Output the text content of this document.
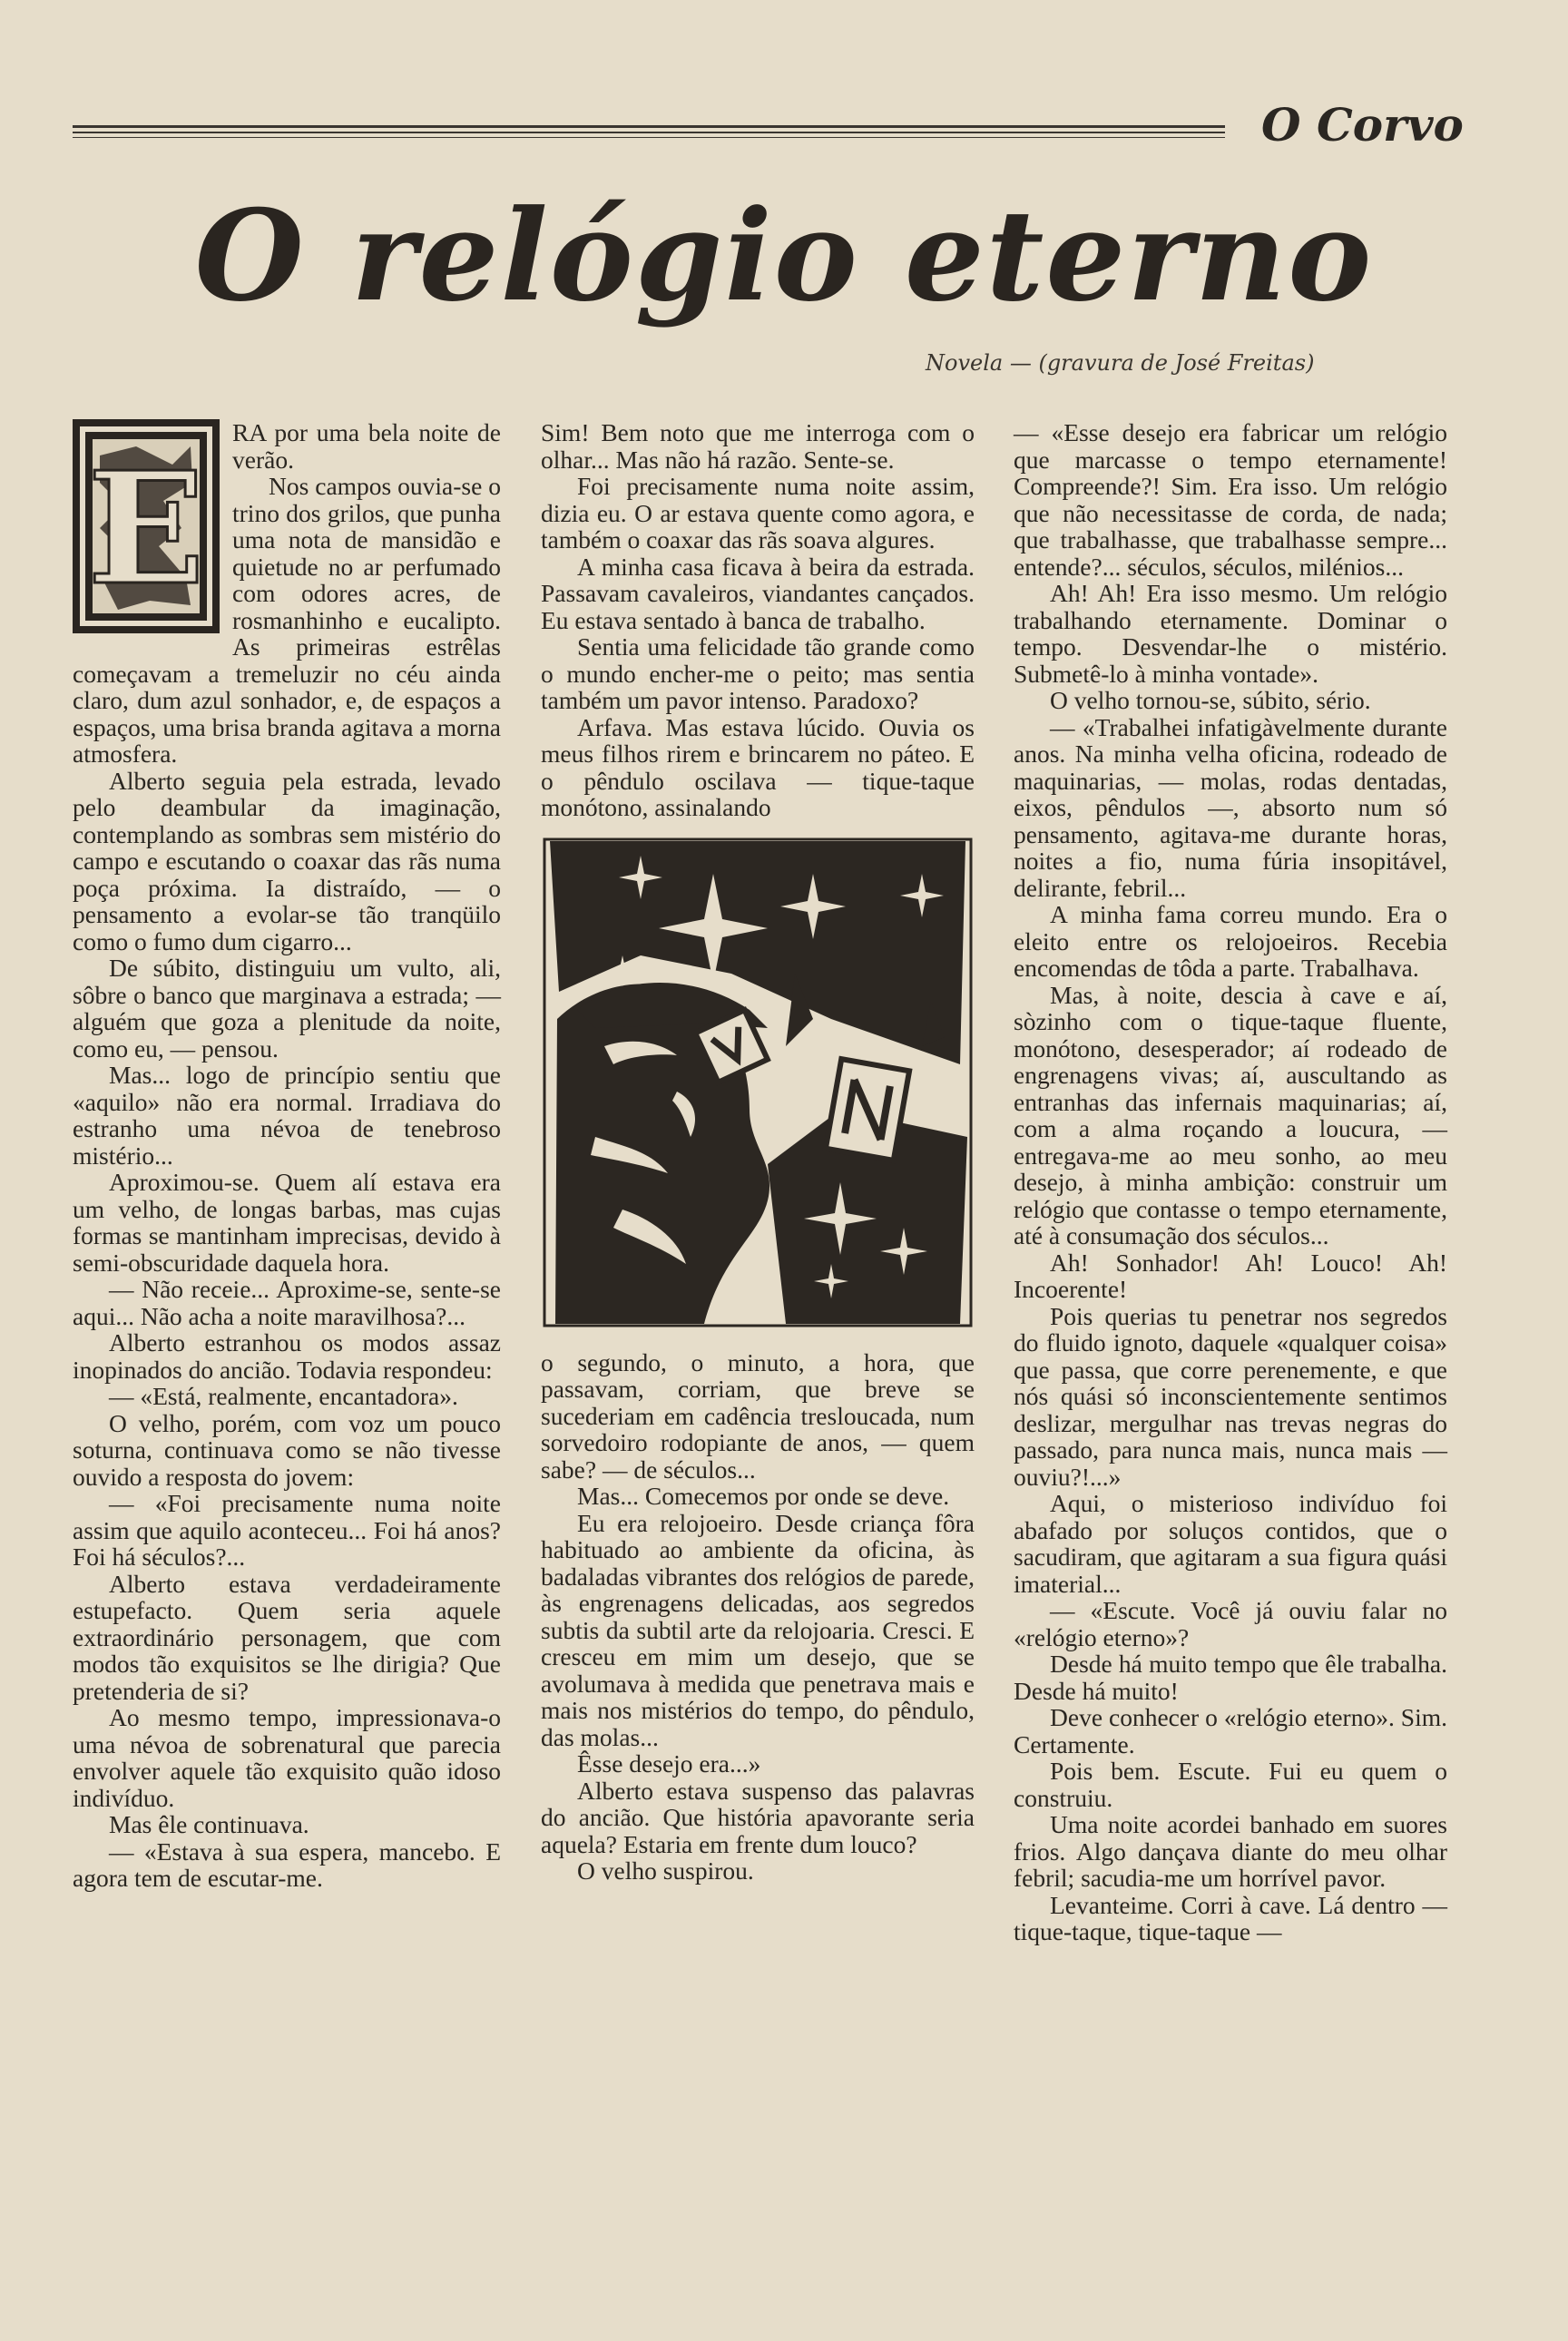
O Corvo
O relógio eterno
Novela — (gravura de José Freitas)
E

RA por uma bela noite de verão.

Nos campos ouvia-se o trino dos grilos, que punha uma nota de mansidão e quietude no ar perfumado com odores acres, de rosmanhinho e eucalipto. As primeiras estrêlas começavam a tremeluzir no céu ainda claro, dum azul sonhador, e, de espaços a espaços, uma brisa branda agitava a morna atmosfera.

Alberto seguia pela estrada, levado pelo deambular da imaginação, contemplando as sombras sem mistério do campo e escutando o coaxar das rãs numa poça próxima. Ia distraído, — o pensamento a evolar-se tão tranqüilo como o fumo dum cigarro...

De súbito, distinguiu um vulto, ali, sôbre o banco que marginava a estrada; — alguém que goza a plenitude da noite, como eu, — pensou.

Mas... logo de princípio sentiu que «aquilo» não era normal. Irradiava do estranho uma névoa de tenebroso mistério...

Aproximou-se. Quem alí estava era um velho, de longas barbas, mas cujas formas se mantinham imprecisas, devido à semi-obscuridade daquela hora.

— Não receie... Aproxime-se, sente-se aqui... Não acha a noite maravilhosa?...

Alberto estranhou os modos assaz inopinados do ancião. Todavia respondeu:

— «Está, realmente, encantadora».

O velho, porém, com voz um pouco soturna, continuava como se não tivesse ouvido a resposta do jovem:

— «Foi precisamente numa noite assim que aquilo aconteceu... Foi há anos? Foi há séculos?...

Alberto estava verdadeiramente estupefacto. Quem seria aquele extraordinário personagem, que com modos tão exquisitos se lhe dirigia? Que pretenderia de si?

Ao mesmo tempo, impressionava-o uma névoa de sobrenatural que parecia envolver aquele tão exquisito quão idoso indivíduo.

Mas êle continuava.

— «Estava à sua espera, mancebo. E agora tem de escutar-me.

Sim! Bem noto que me interroga com o olhar... Mas não há razão. Sente-se.

Foi precisamente numa noite assim, dizia eu. O ar estava quente como agora, e também o coaxar das rãs soava algures.

A minha casa ficava à beira da estrada. Passavam cavaleiros, viandantes cançados. Eu estava sentado à banca de trabalho.

Sentia uma felicidade tão grande como o mundo encher-me o peito; mas sentia também um pavor intenso. Paradoxo?

Arfava. Mas estava lúcido. Ouvia os meus filhos rirem e brincarem no páteo. E o pêndulo oscilava — tique-taque monótono, assinalando

o segundo, o minuto, a hora, que passavam, corriam, que breve se sucederiam em cadência tresloucada, num sorvedoiro rodopiante de anos, — quem sabe? — de séculos...

Mas... Comecemos por onde se deve.

Eu era relojoeiro. Desde criança fôra habituado ao ambiente da oficina, às badaladas vibrantes dos relógios de parede, às engrenagens delicadas, aos segredos subtis da subtil arte da relojoaria. Cresci. E cresceu em mim um desejo, que se avolumava à medida que penetrava mais e mais nos mistérios do tempo, do pêndulo, das molas...

Êsse desejo era...»

Alberto estava suspenso das palavras do ancião. Que história apavorante seria aquela? Estaria em frente dum louco?

O velho suspirou.

— «Esse desejo era fabricar um relógio que marcasse o tempo eternamente! Compreende?! Sim. Era isso. Um relógio que não necessitasse de corda, de nada; que trabalhasse, que trabalhasse sempre... entende?... séculos, séculos, milénios...

Ah! Ah! Era isso mesmo. Um relógio trabalhando eternamente. Dominar o tempo. Desvendar-lhe o mistério. Submetê-lo à minha vontade».

O velho tornou-se, súbito, sério.

— «Trabalhei infatigàvelmente durante anos. Na minha velha oficina, rodeado de maquinarias, — molas, rodas dentadas, eixos, pêndulos —, absorto num só pensamento, agitava-me durante horas, noites a fio, numa fúria insopitável, delirante, febril...

A minha fama correu mundo. Era o eleito entre os relojoeiros. Recebia encomendas de tôda a parte. Trabalhava.

Mas, à noite, descia à cave e aí, sòzinho com o tique-taque fluente, monótono, desesperador; aí rodeado de engrenagens vivas; aí, auscultando as entranhas das infernais maquinarias; aí, com a alma roçando a loucura, — entregava-me ao meu sonho, ao meu desejo, à minha ambição: construir um relógio que contasse o tempo eternamente, até à consumação dos séculos...

Ah! Sonhador! Ah! Louco! Ah! Incoerente!

Pois querias tu penetrar nos segredos do fluido ignoto, daquele «qualquer coisa» que passa, que corre perenemente, e que nós quási só inconscientemente sentimos deslizar, mergulhar nas trevas negras do passado, para nunca mais, nunca mais — ouviu?!...»

Aqui, o misterioso indivíduo foi abafado por soluços contidos, que o sacudiram, que agitaram a sua figura quási imaterial...

— «Escute. Você já ouviu falar no «relógio eterno»?

Desde há muito tempo que êle trabalha. Desde há muito!

Deve conhecer o «relógio eterno». Sim. Certamente.

Pois bem. Escute. Fui eu quem o construiu.

Uma noite acordei banhado em suores frios. Algo dançava diante do meu olhar febril; sacudia-me um horrível pavor.

Levanteime. Corri à cave. Lá dentro — tique-taque, tique-taque —
